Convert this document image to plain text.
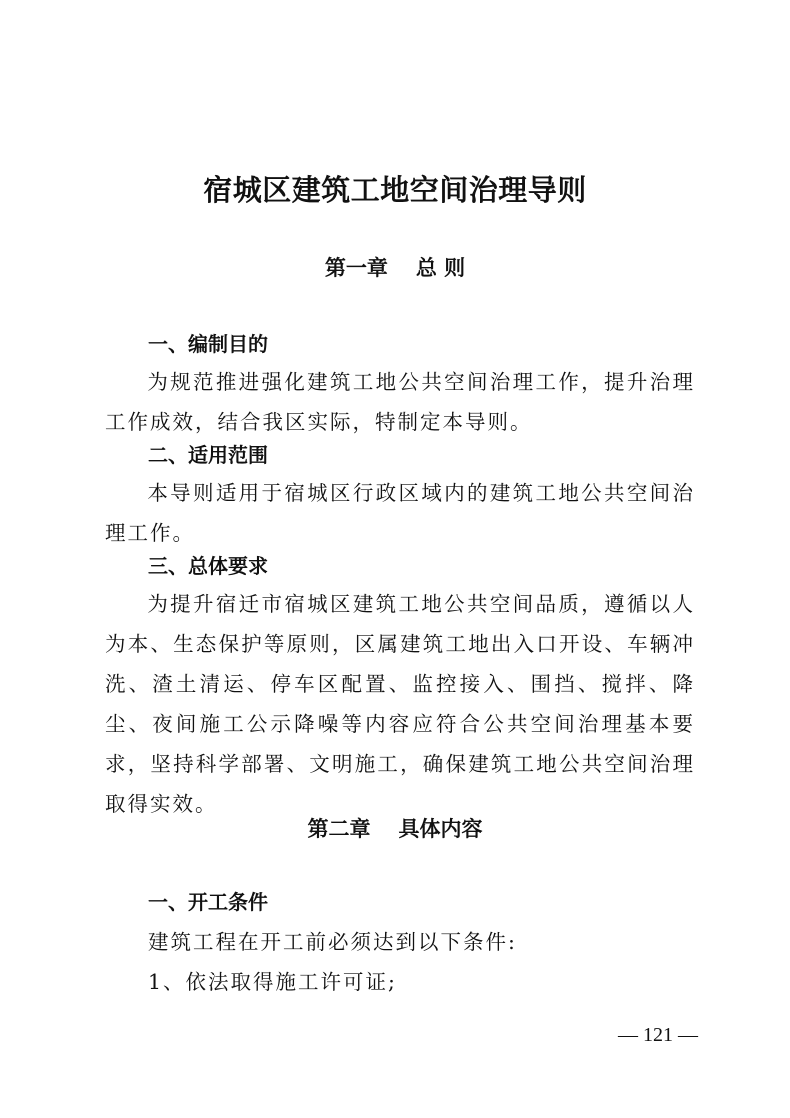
宿城区建筑工地空间治理导则
第一章 总 则
一、编制目的
为规范推进强化建筑工地公共空间治理工作，提升治理工作成效，结合我区实际，特制定本导则。
二、适用范围
本导则适用于宿城区行政区域内的建筑工地公共空间治理工作。
三、总体要求
为提升宿迁市宿城区建筑工地公共空间品质，遵循以人为本、生态保护等原则，区属建筑工地出入口开设、车辆冲洗、渣土清运、停车区配置、监控接入、围挡、搅拌、降尘、夜间施工公示降噪等内容应符合公共空间治理基本要求，坚持科学部署、文明施工，确保建筑工地公共空间治理取得实效。
第二章 具体内容
一、开工条件
建筑工程在开工前必须达到以下条件:
1、依法取得施工许可证;
— 121 —
